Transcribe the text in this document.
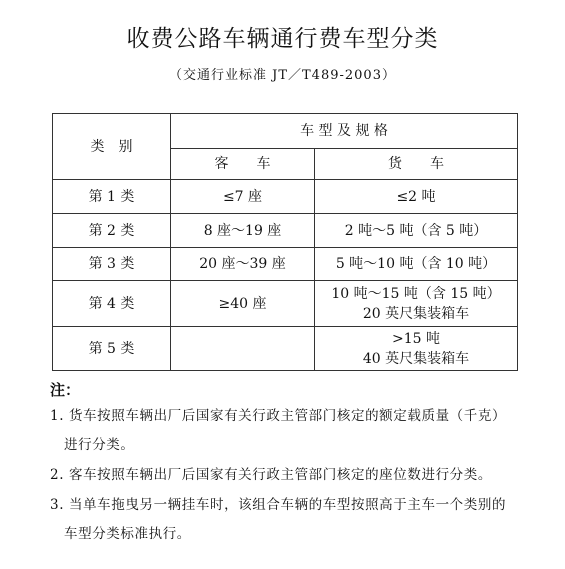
收费公路车辆通行费车型分类
（交通行业标准 JT／T489-2003）
类　别	车 型 及 规 格	
	客　　车	货　　车
第 1 类	≤7 座	≤2 吨

第 2 类	8 座～19 座	2 吨～5 吨（含 5 吨）

第 3 类	20 座～39 座	5 吨～10 吨（含 10 吨）

第 4 类	≥40 座	10 吨～15 吨（含 15 吨）
20 英尺集装箱车

第 5 类		>15 吨
40 英尺集装箱车
注：
1. 货车按照车辆出厂后国家有关行政主管部门核定的额定载质量（千克）
进行分类。
2. 客车按照车辆出厂后国家有关行政主管部门核定的座位数进行分类。
3. 当单车拖曳另一辆挂车时，该组合车辆的车型按照高于主车一个类别的
车型分类标准执行。
